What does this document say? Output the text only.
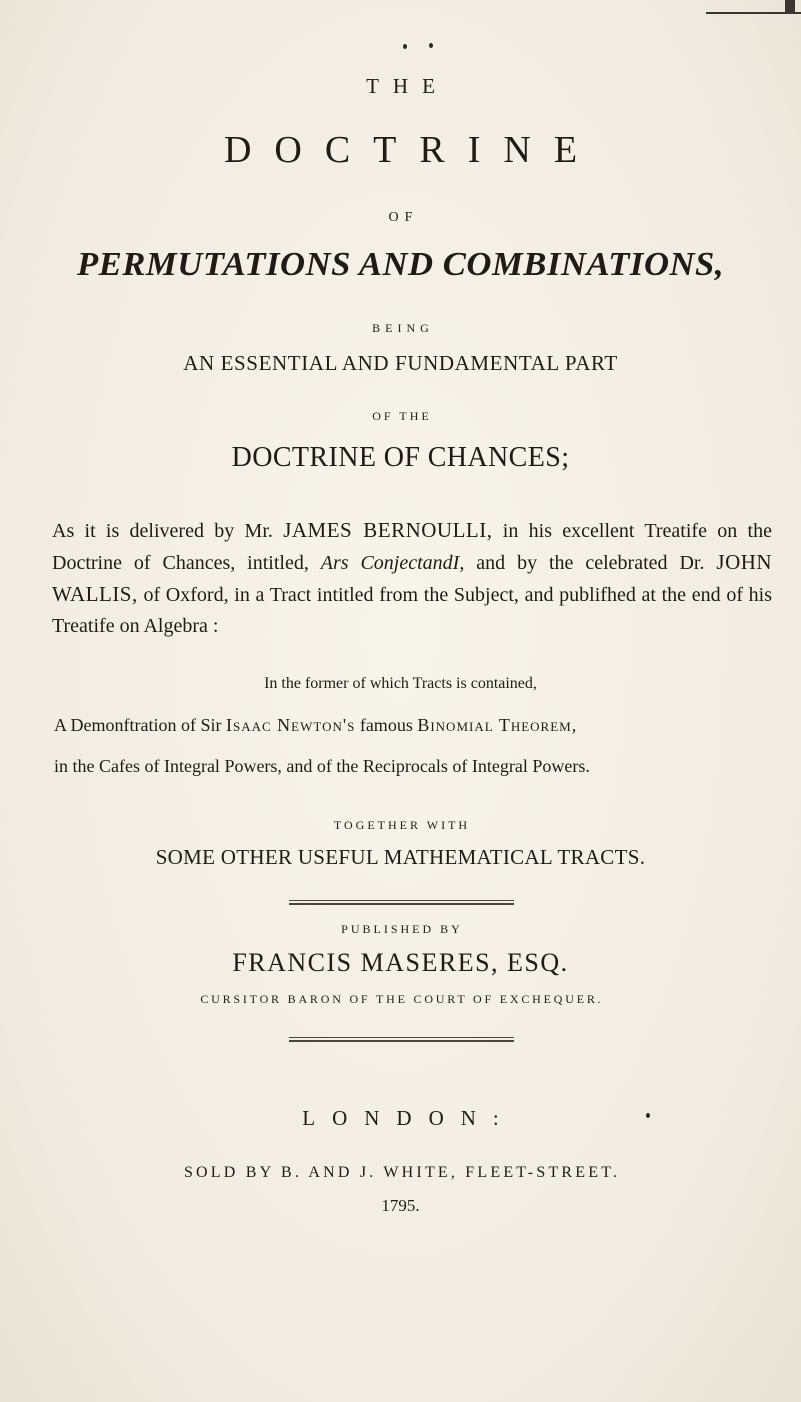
THE
DOCTRINE
OF
PERMUTATIONS AND COMBINATIONS,
BEING
AN ESSENTIAL AND FUNDAMENTAL PART
OF THE
DOCTRINE OF CHANCES;
As it is delivered by Mr. JAMES BERNOULLI, in his excellent Treatife on the Doctrine of Chances, intitled, Ars ConjectandI, and by the celebrated Dr. JOHN WALLIS, of Oxford, in a Tract intitled from the Subject, and publifhed at the end of his Treatife on Algebra :
In the former of which Tracts is contained,
A Demonftration of Sir Isaac Newton's famous Binomial Theorem,
in the Cafes of Integral Powers, and of the Reciprocals of Integral Powers.
TOGETHER WITH
SOME OTHER USEFUL MATHEMATICAL TRACTS.
PUBLISHED BY
FRANCIS MASERES, ESQ.
CURSITOR BARON OF THE COURT OF EXCHEQUER.
LONDON:
SOLD BY B. AND J. WHITE, FLEET-STREET.
1795.
